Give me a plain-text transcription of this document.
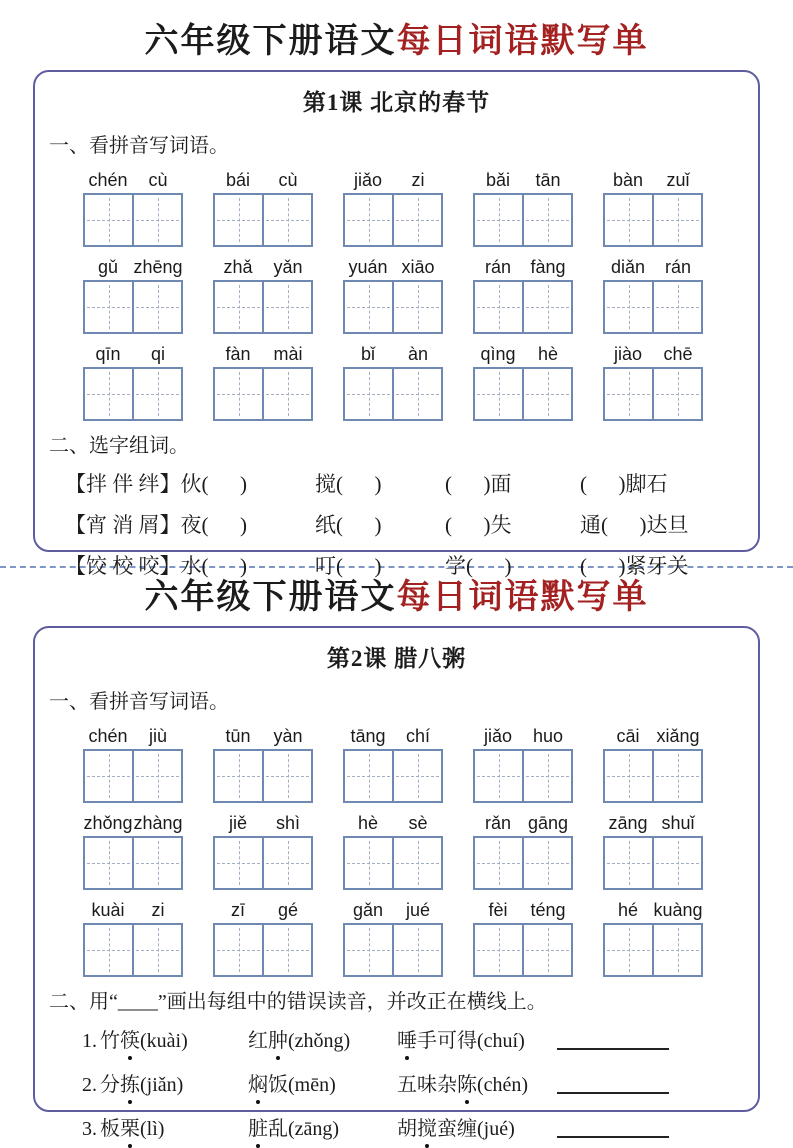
六年级下册语文每日词语默写单
第1课 北京的春节
一、看拼音写词语。
chén	cù	bái	cù	jiǎo	zi	bǎi	tān	bàn	zuǐ
gǔ zhēng	zhǎ	yǎn	yuán xiāo	rán	fàng	diǎn	rán
qīn	qi	fàn	mài	bǐ	àn	qìng	hè	jiào	chē
二、选字组词。
【拌 伴 绊】伙(      )	搅(      )	(      )面	(      )脚石
【宵 消 屑】夜(      )	纸(      )	(      )失	通(      )达旦
【饺 校 咬】水(      )	叮(      )	学(      )	(      )紧牙关
六年级下册语文每日词语默写单
第2课 腊八粥
一、看拼音写词语。
chén	jiù	tūn	yàn	tāng	chí	jiǎo	huo	cāi xiǎng
zhǒng zhàng	jiě	shì	hè	sè	rǎn gāng	zāng shuǐ
kuài	zi	zī	gé	gǎn	jué	fèi	téng	hé kuàng
二、用“____”画出每组中的错误读音，并改正在横线上。
1. 竹筷(kuài)	红肿(zhǒng)	唾手可得(chuí)
2. 分拣(jiǎn)	焖饭(mēn)	五味杂陈(chén)
3. 板栗(lì)	脏乱(zāng)	胡搅蛮缠(jué)
